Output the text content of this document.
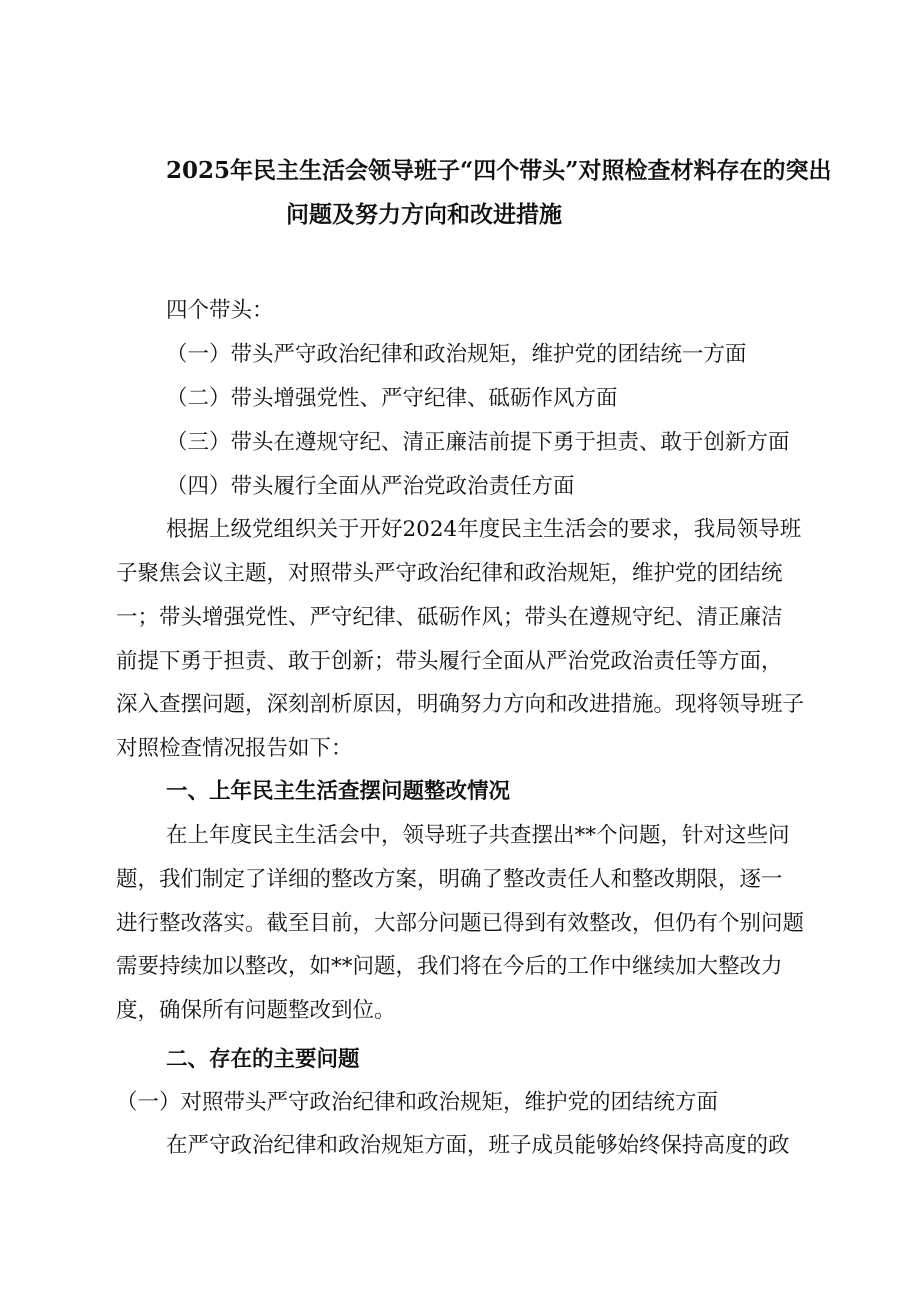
2025年民主生活会领导班子“四个带头”对照检查材料存在的突出
问题及努力方向和改进措施
四个带头：
（一）带头严守政治纪律和政治规矩，维护党的团结统一方面
（二）带头增强党性、严守纪律、砥砺作风方面
（三）带头在遵规守纪、清正廉洁前提下勇于担责、敢于创新方面
（四）带头履行全面从严治党政治责任方面
根据上级党组织关于开好2024年度民主生活会的要求，我局领导班
子聚焦会议主题，对照带头严守政治纪律和政治规矩，维护党的团结统
一；带头增强党性、严守纪律、砥砺作风；带头在遵规守纪、清正廉洁
前提下勇于担责、敢于创新；带头履行全面从严治党政治责任等方面，
深入查摆问题，深刻剖析原因，明确努力方向和改进措施。现将领导班子
对照检查情况报告如下：
一、上年民主生活查摆问题整改情况
在上年度民主生活会中，领导班子共查摆出**个问题，针对这些问
题，我们制定了详细的整改方案，明确了整改责任人和整改期限，逐一
进行整改落实。截至目前，大部分问题已得到有效整改，但仍有个别问题
需要持续加以整改，如**问题，我们将在今后的工作中继续加大整改力
度，确保所有问题整改到位。
二、存在的主要问题
（一）对照带头严守政治纪律和政治规矩，维护党的团结统方面
在严守政治纪律和政治规矩方面，班子成员能够始终保持高度的政
